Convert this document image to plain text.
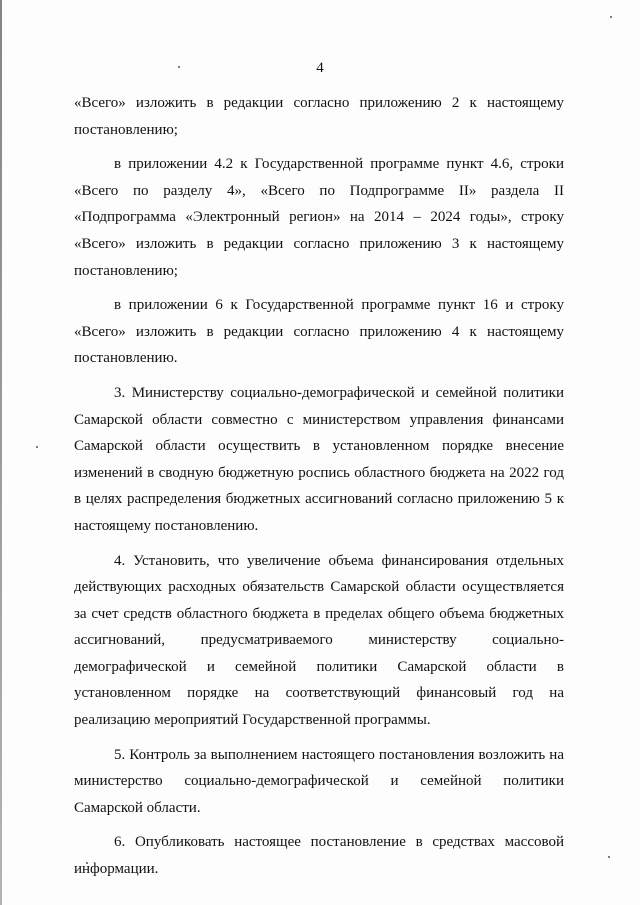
4

«Всего» изложить в редакции согласно приложению 2 к настоящему постановлению;

в приложении 4.2 к Государственной программе пункт 4.6, строки «Всего по разделу 4», «Всего по Подпрограмме II» раздела II «Подпрограмма «Электронный регион» на 2014 – 2024 годы», строку «Всего» изложить в редакции согласно приложению 3 к настоящему постановлению;

в приложении 6 к Государственной программе пункт 16 и строку «Всего» изложить в редакции согласно приложению 4 к настоящему постановлению.

3. Министерству социально-демографической и семейной политики Самарской области совместно с министерством управления финансами Самарской области осуществить в установленном порядке внесение изменений в сводную бюджетную роспись областного бюджета на 2022 год в целях распределения бюджетных ассигнований согласно приложению 5 к настоящему постановлению.

4. Установить, что увеличение объема финансирования отдельных действующих расходных обязательств Самарской области осуществляется за счет средств областного бюджета в пределах общего объема бюджетных ассигнований, предусматриваемого министерству социально-демографической и семейной политики Самарской области в установленном порядке на соответствующий финансовый год на реализацию мероприятий Государственной программы.

5. Контроль за выполнением настоящего постановления возложить на министерство социально-демографической и семейной политики Самарской области.

6. Опубликовать настоящее постановление в средствах массовой информации.
